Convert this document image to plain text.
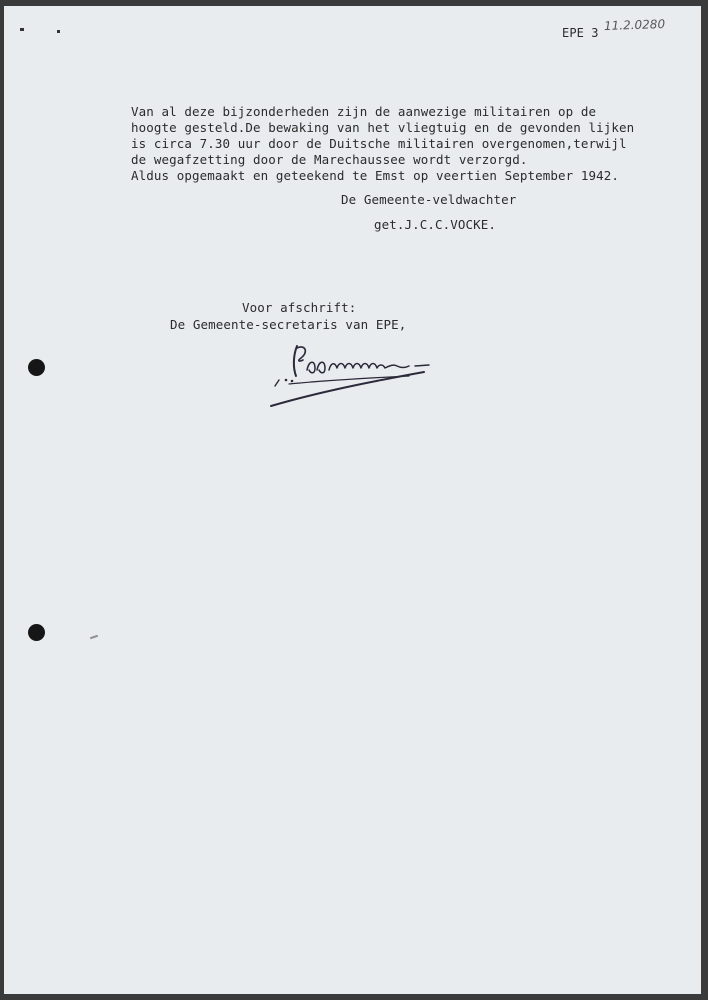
EPE 3 11.2.0280
Van al deze bijzonderheden zijn de aanwezige militairen op de
hoogte gesteld.De bewaking van het vliegtuig en de gevonden lijken
is circa 7.30 uur door de Duitsche militairen overgenomen,terwijl
de wegafzetting door de Marechaussee wordt verzorgd.
Aldus opgemaakt en geteekend te Emst op veertien September 1942.
De Gemeente-veldwachter
get.J.C.C.VOCKE.
Voor afschrift:
De Gemeente-secretaris van EPE,
